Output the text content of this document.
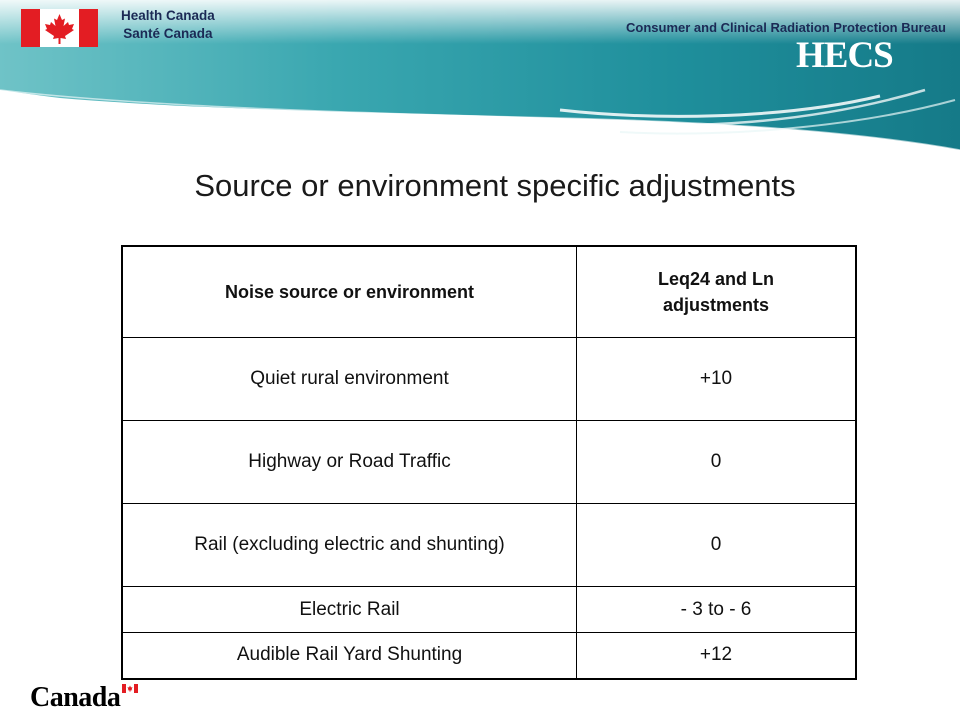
Health Canada
Santé Canada	Consumer and Clinical Radiation Protection Bureau
HECS
Source or environment specific adjustments
Noise source or environment	Leq24 and Ln adjustments

Quiet rural environment	+10
Highway or Road Traffic	0
Rail (excluding electric and shunting)	0
Electric Rail	- 3 to - 6
Audible Rail Yard Shunting	+12
Canada
